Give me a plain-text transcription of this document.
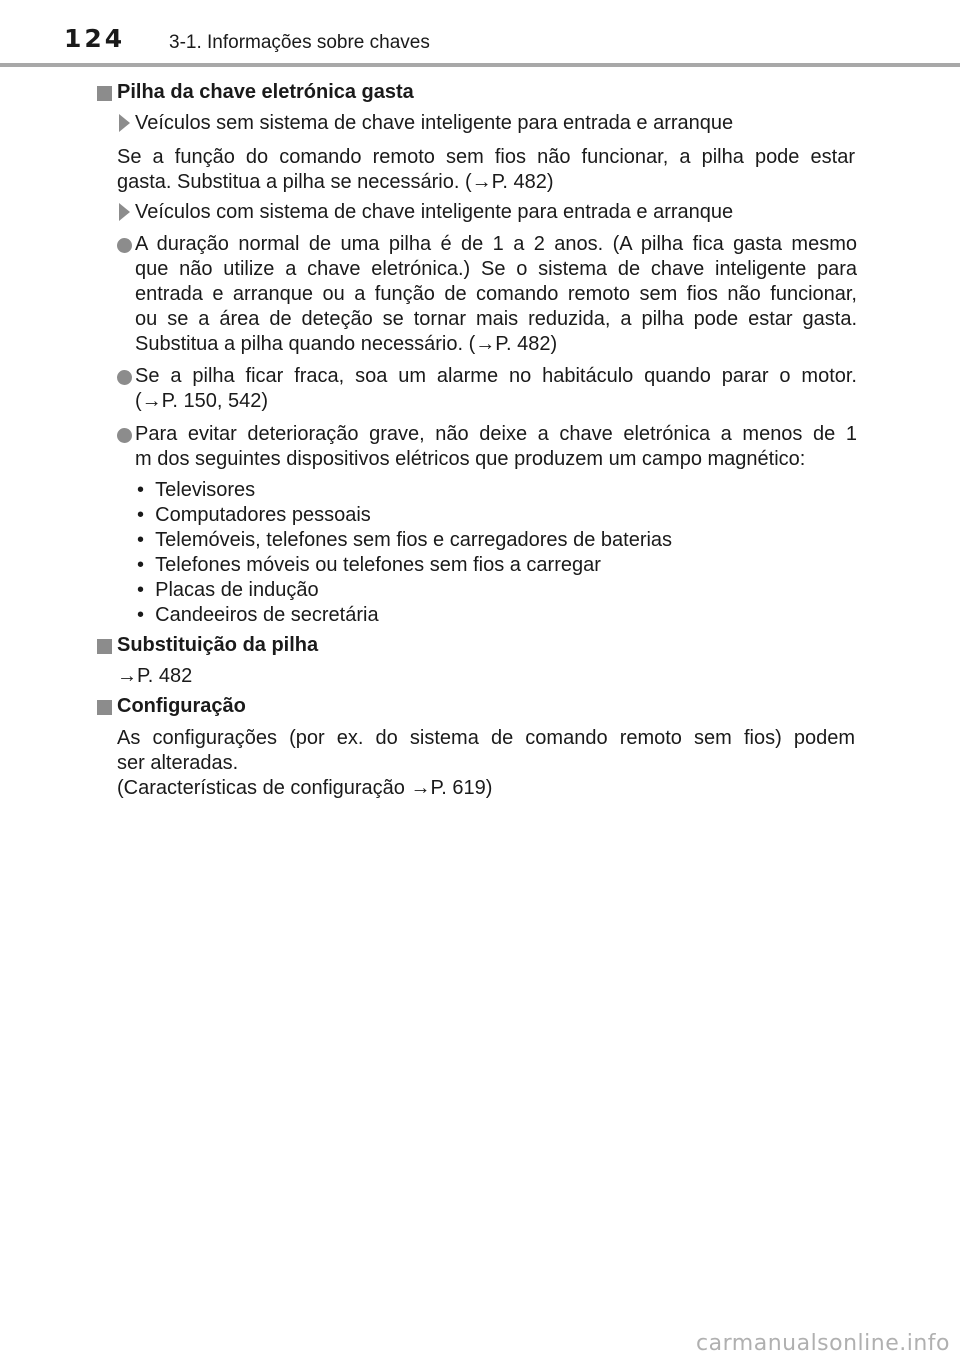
124 3-1. Informações sobre chaves
Pilha da chave eletrónica gasta
Veículos sem sistema de chave inteligente para entrada e arranque
Se a função do comando remoto sem fios não funcionar, a pilha pode estar
gasta. Substitua a pilha se necessário. (→P. 482)
Veículos com sistema de chave inteligente para entrada e arranque
A duração normal de uma pilha é de 1 a 2 anos. (A pilha fica gasta mesmo
que não utilize a chave eletrónica.) Se o sistema de chave inteligente para
entrada e arranque ou a função de comando remoto sem fios não funcionar,
ou se a área de deteção se tornar mais reduzida, a pilha pode estar gasta.
Substitua a pilha quando necessário. (→P. 482)
Se a pilha ficar fraca, soa um alarme no habitáculo quando parar o motor.
(→P. 150, 542)
Para evitar deterioração grave, não deixe a chave eletrónica a menos de 1
m dos seguintes dispositivos elétricos que produzem um campo magnético:
•  Televisores
•  Computadores pessoais
•  Telemóveis, telefones sem fios e carregadores de baterias
•  Telefones móveis ou telefones sem fios a carregar
•  Placas de indução
•  Candeeiros de secretária
Substituição da pilha
→P. 482
Configuração
As configurações (por ex. do sistema de comando remoto sem fios) podem
ser alteradas.
(Características de configuração →P. 619)
carmanualsonline.info
